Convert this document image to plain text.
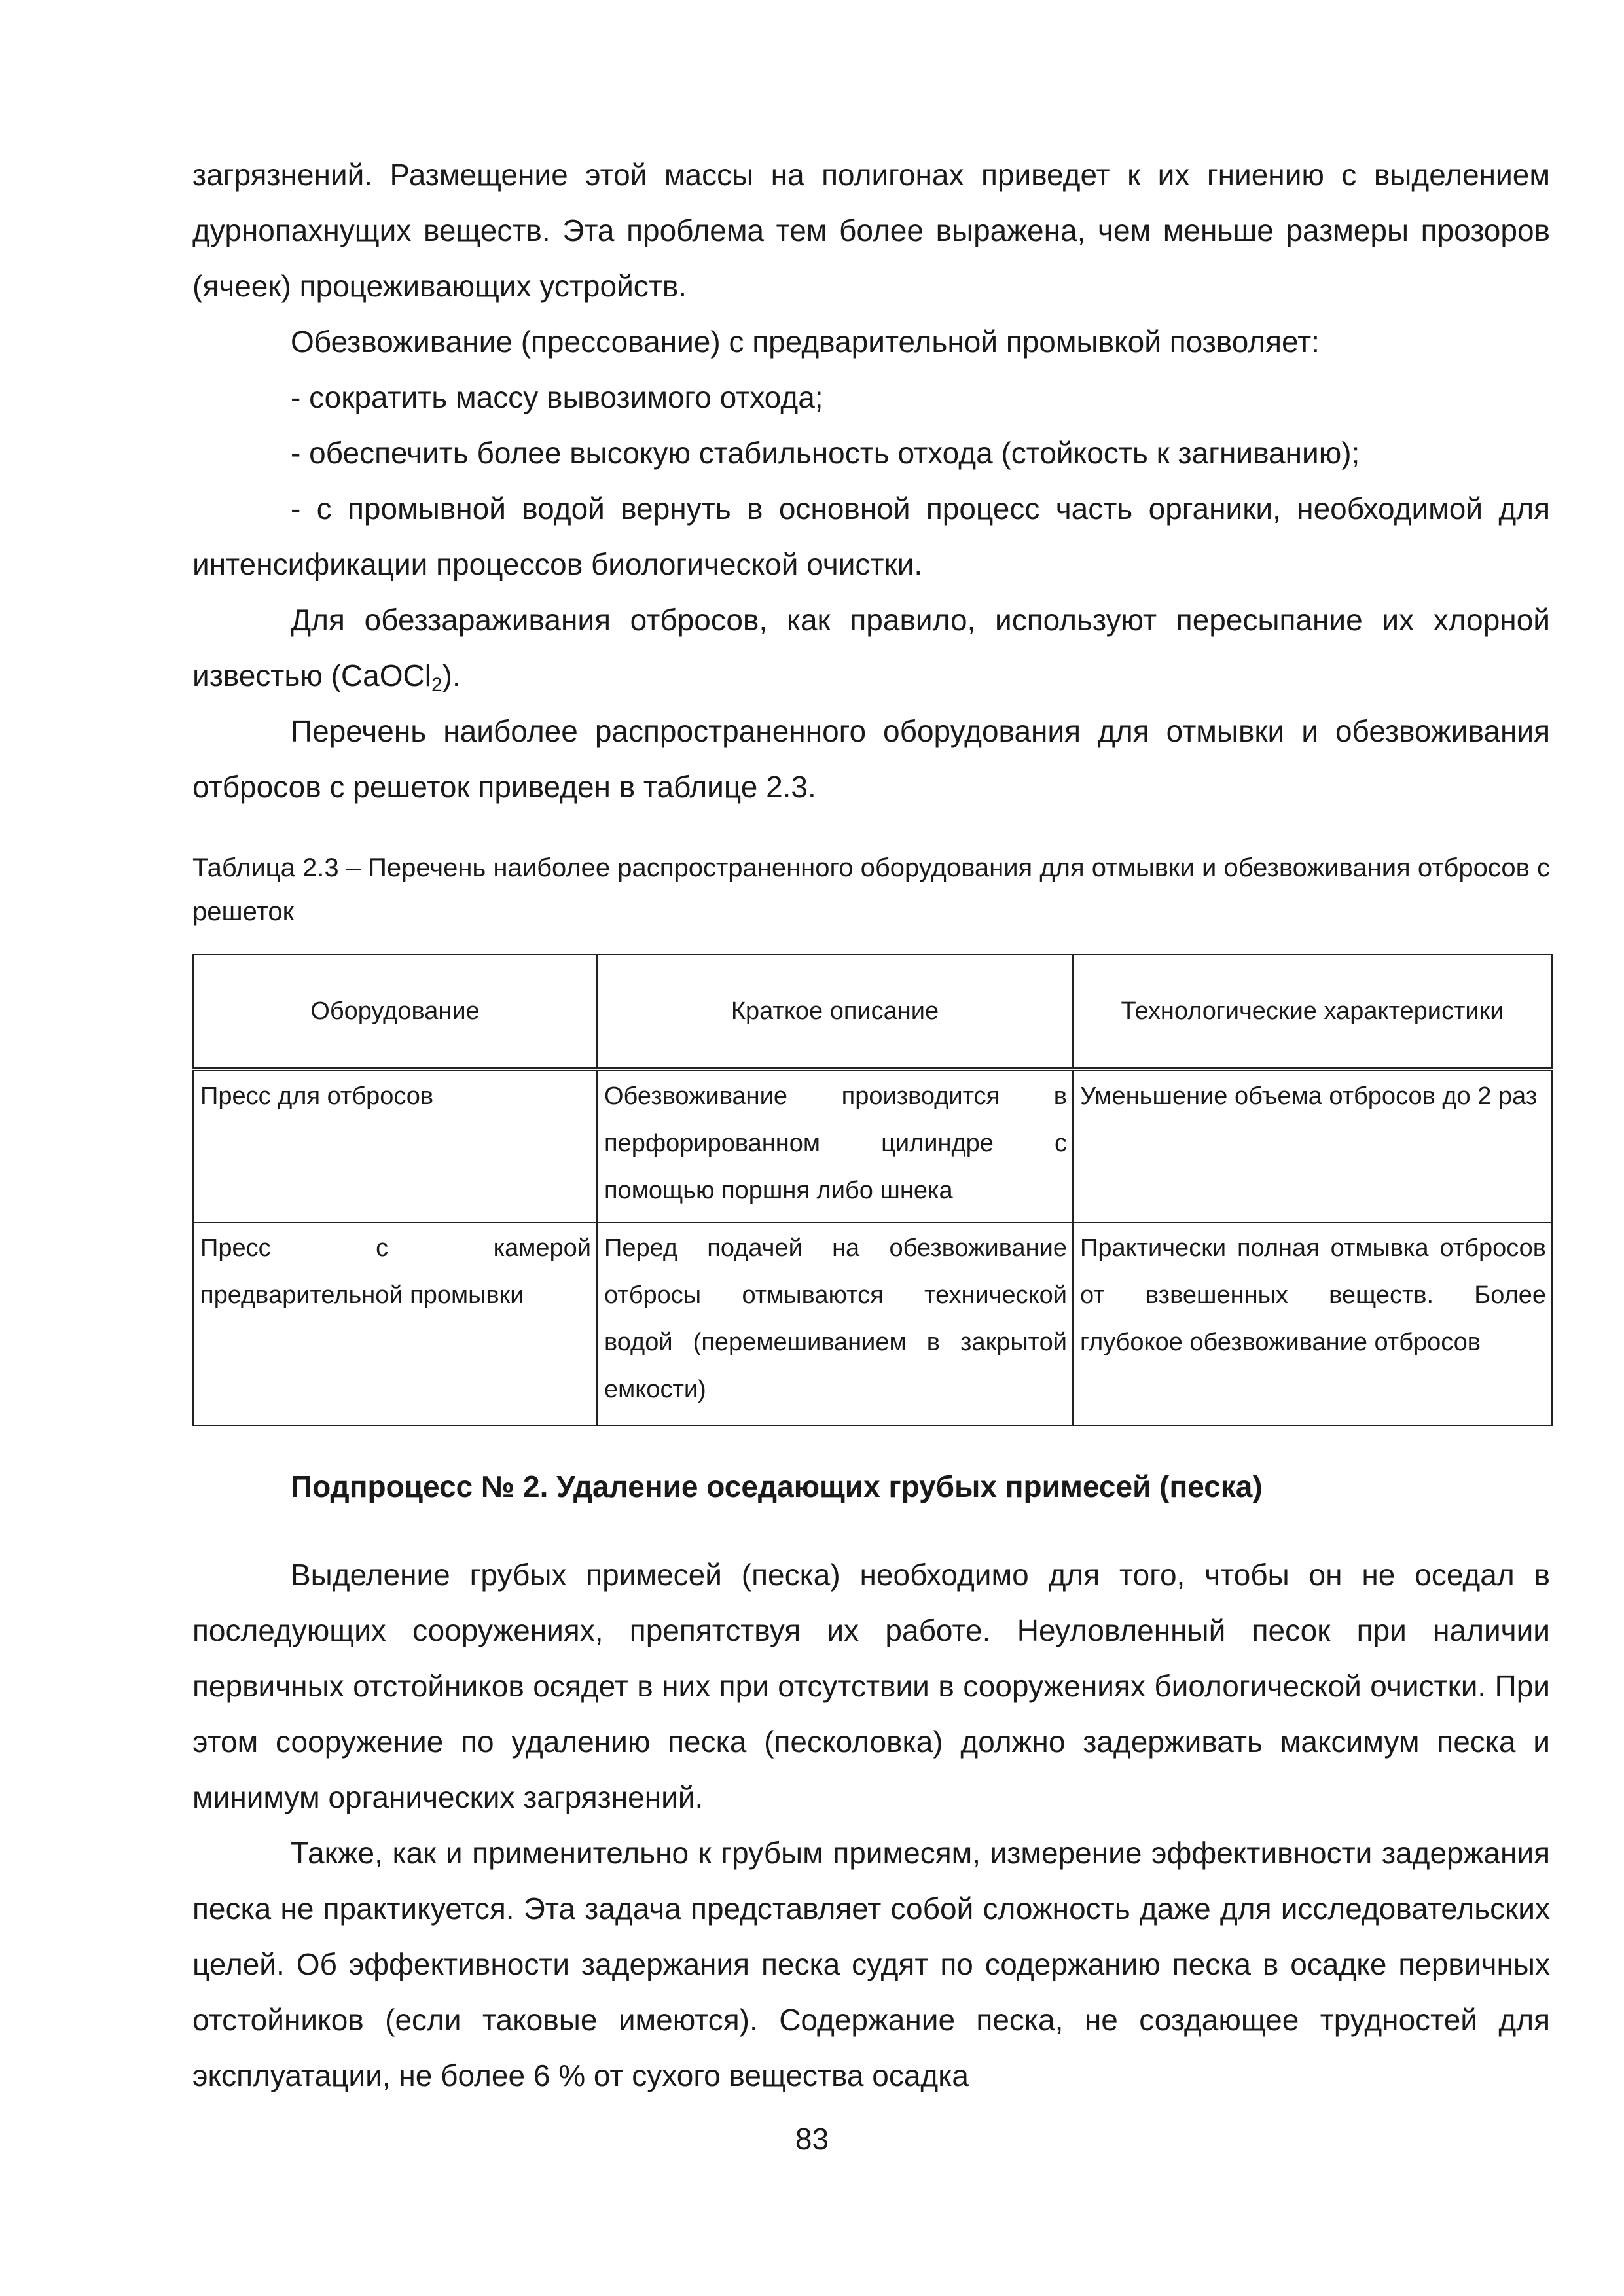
загрязнений. Размещение этой массы на полигонах приведет к их гниению с выделением дурнопахнущих веществ. Эта проблема тем более выражена, чем меньше размеры прозоров (ячеек) процеживающих устройств.

Обезвоживание (прессование) с предварительной промывкой позволяет:

- сократить массу вывозимого отхода;

- обеспечить более высокую стабильность отхода (стойкость к загниванию);

- с промывной водой вернуть в основной процесс часть органики, необходимой для интенсификации процессов биологической очистки.

Для обеззараживания отбросов, как правило, используют пересыпание их хлорной известью (CaOCl$_2$).

Перечень наиболее распространенного оборудования для отмывки и обезвоживания отбросов с решеток приведен в таблице 2.3.

Таблица 2.3 – Перечень наиболее распространенного оборудования для отмывки и обезвоживания отбросов с решеток

Оборудование	Краткое описание	Технологические характеристики
Пресс для отбросов	Обезвоживание производится в перфорированном цилиндре с помощью поршня либо шнека	Уменьшение объема отбросов до 2 раз
Пресс с камерой предварительной промывки	Перед подачей на обезвоживание отбросы отмываются технической водой (перемешиванием в закрытой емкости)	Практически полная отмывка отбросов от взвешенных веществ. Более глубокое обезвоживание отбросов

Подпроцесс № 2. Удаление оседающих грубых примесей (песка)

Выделение грубых примесей (песка) необходимо для того, чтобы он не оседал в последующих сооружениях, препятствуя их работе. Неуловленный песок при наличии первичных отстойников осядет в них при отсутствии в сооружениях биологической очистки. При этом сооружение по удалению песка (песколовка) должно задерживать максимум песка и минимум органических загрязнений.

Также, как и применительно к грубым примесям, измерение эффективности задержания песка не практикуется. Эта задача представляет собой сложность даже для исследовательских целей. Об эффективности задержания песка судят по содержанию песка в осадке первичных отстойников (если таковые имеются). Содержание песка, не создающее трудностей для эксплуатации, не более 6 % от сухого вещества осадка

83
